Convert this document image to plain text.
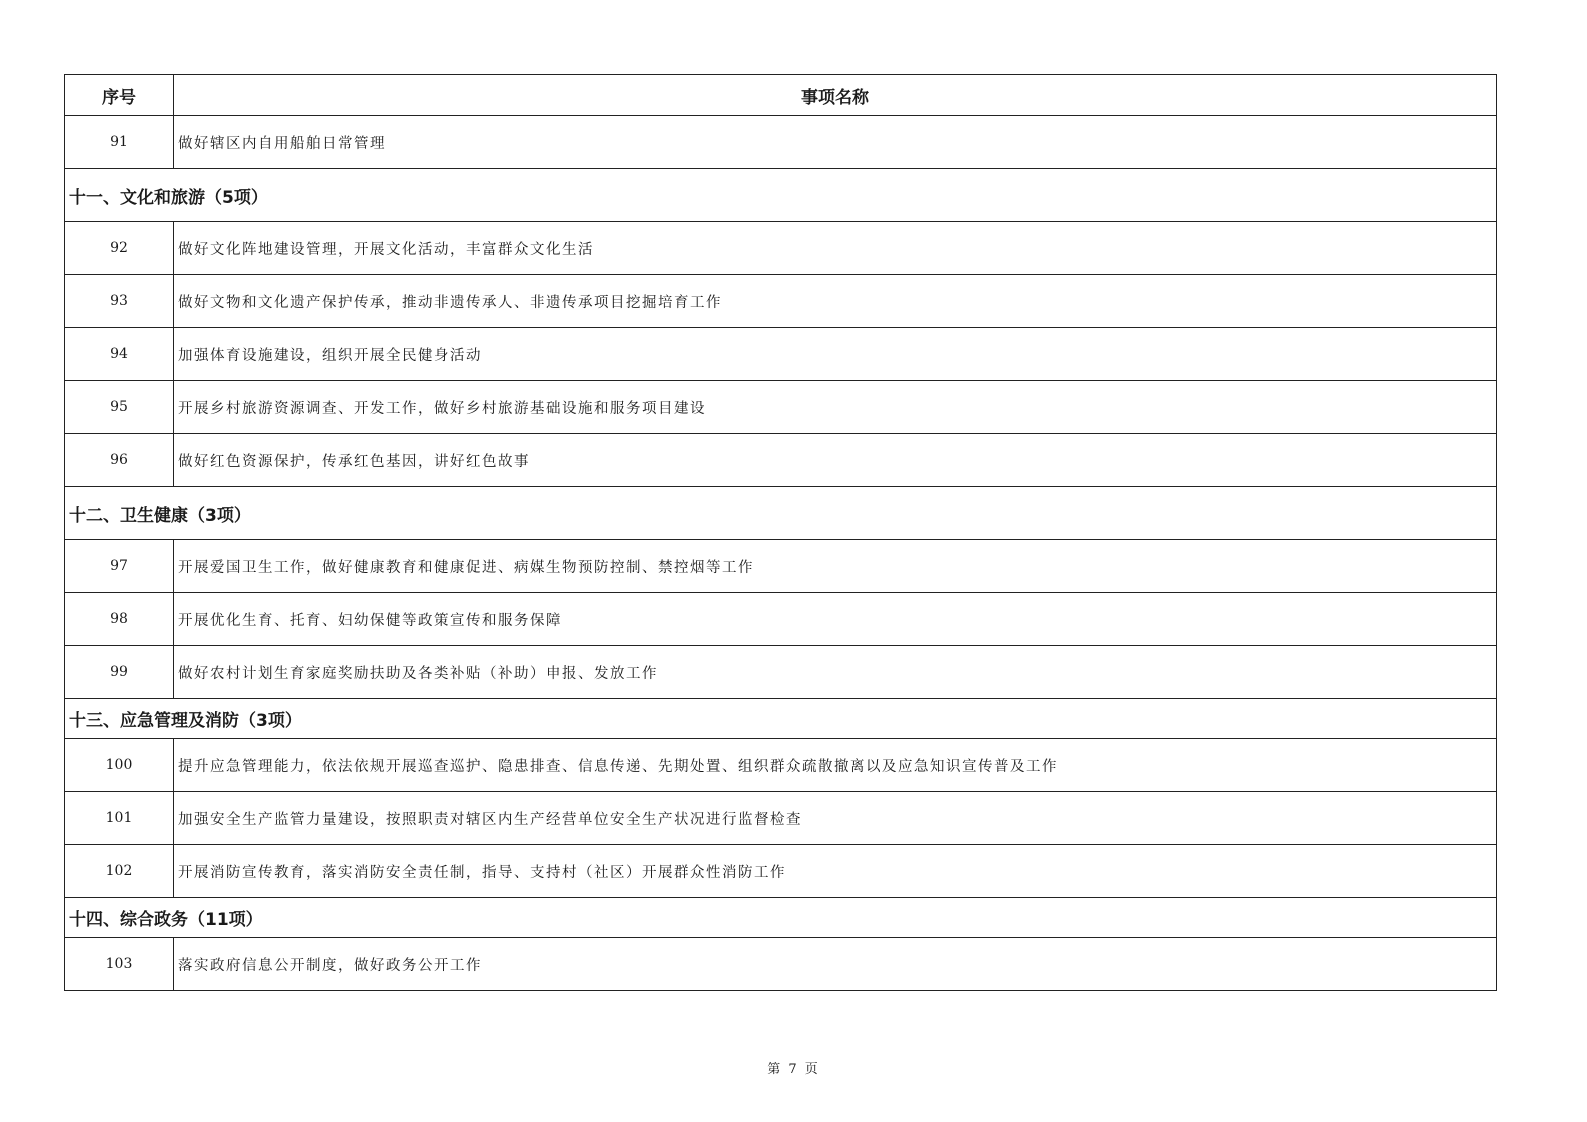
序号	事项名称
91	做好辖区内自用船舶日常管理
十一、文化和旅游（5项）	
92	做好文化阵地建设管理，开展文化活动，丰富群众文化生活
93	做好文物和文化遗产保护传承，推动非遗传承人、非遗传承项目挖掘培育工作
94	加强体育设施建设，组织开展全民健身活动
95	开展乡村旅游资源调查、开发工作，做好乡村旅游基础设施和服务项目建设
96	做好红色资源保护，传承红色基因，讲好红色故事
十二、卫生健康（3项）	
97	开展爱国卫生工作，做好健康教育和健康促进、病媒生物预防控制、禁控烟等工作
98	开展优化生育、托育、妇幼保健等政策宣传和服务保障
99	做好农村计划生育家庭奖励扶助及各类补贴（补助）申报、发放工作
十三、应急管理及消防（3项）	
100	提升应急管理能力，依法依规开展巡查巡护、隐患排查、信息传递、先期处置、组织群众疏散撤离以及应急知识宣传普及工作
101	加强安全生产监管力量建设，按照职责对辖区内生产经营单位安全生产状况进行监督检查
102	开展消防宣传教育，落实消防安全责任制，指导、支持村（社区）开展群众性消防工作
十四、综合政务（11项）	
103	落实政府信息公开制度，做好政务公开工作
第 7 页
